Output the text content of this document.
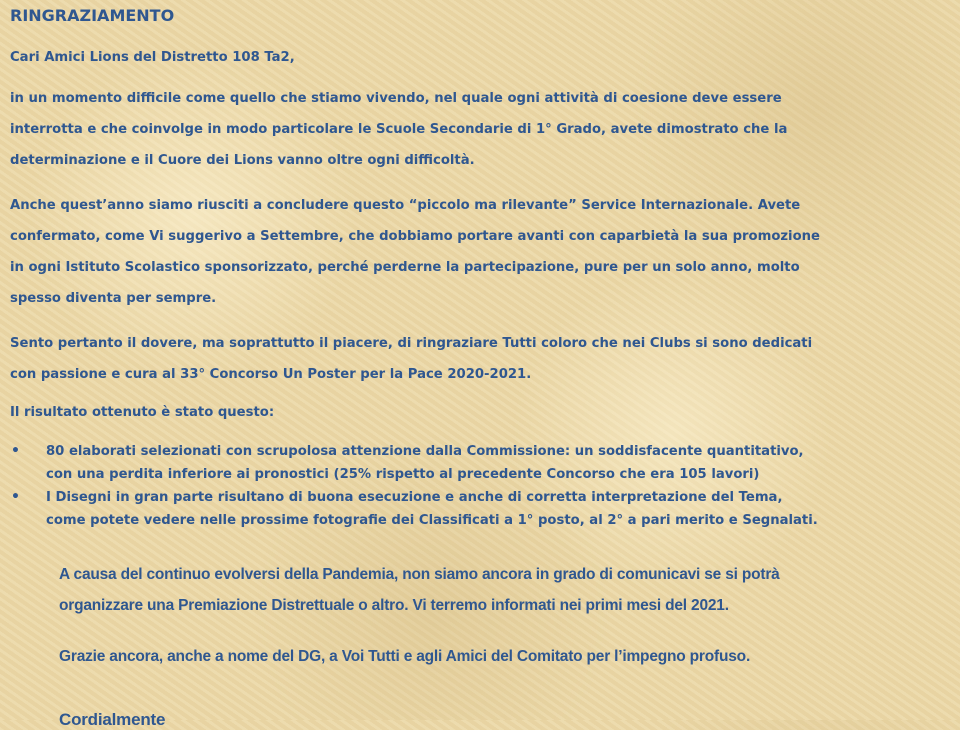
RINGRAZIAMENTO
Cari Amici Lions del Distretto 108 Ta2,
in un momento difficile come quello che stiamo vivendo, nel quale ogni attività di coesione deve essere
interrotta e che coinvolge in modo particolare le Scuole Secondarie di 1° Grado, avete dimostrato che la
determinazione e il Cuore dei Lions vanno oltre ogni difficoltà.
Anche quest’anno siamo riusciti a concludere questo “piccolo ma rilevante” Service Internazionale. Avete
confermato, come Vi suggerivo a Settembre, che dobbiamo portare avanti con caparbietà la sua promozione
in ogni Istituto Scolastico sponsorizzato, perché perderne la partecipazione, pure per un solo anno, molto
spesso diventa per sempre.
Sento pertanto il dovere, ma soprattutto il piacere, di ringraziare Tutti coloro che nei Clubs si sono dedicati
con passione e cura al 33° Concorso Un Poster per la Pace 2020-2021.
Il risultato ottenuto è stato questo:
• 80 elaborati selezionati con scrupolosa attenzione dalla Commissione: un soddisfacente quantitativo,
con una perdita inferiore ai pronostici (25% rispetto al precedente Concorso che era 105 lavori)
• I Disegni in gran parte risultano di buona esecuzione e anche di corretta interpretazione del Tema,
come potete vedere nelle prossime fotografie dei Classificati a 1° posto, al 2° a pari merito e Segnalati.
A causa del continuo evolversi della Pandemia, non siamo ancora in grado di comunicavi se si potrà
organizzare una Premiazione Distrettuale o altro. Vi terremo informati nei primi mesi del 2021.
Grazie ancora, anche a nome del DG, a Voi Tutti e agli Amici del Comitato per l’impegno profuso.
Cordialmente
